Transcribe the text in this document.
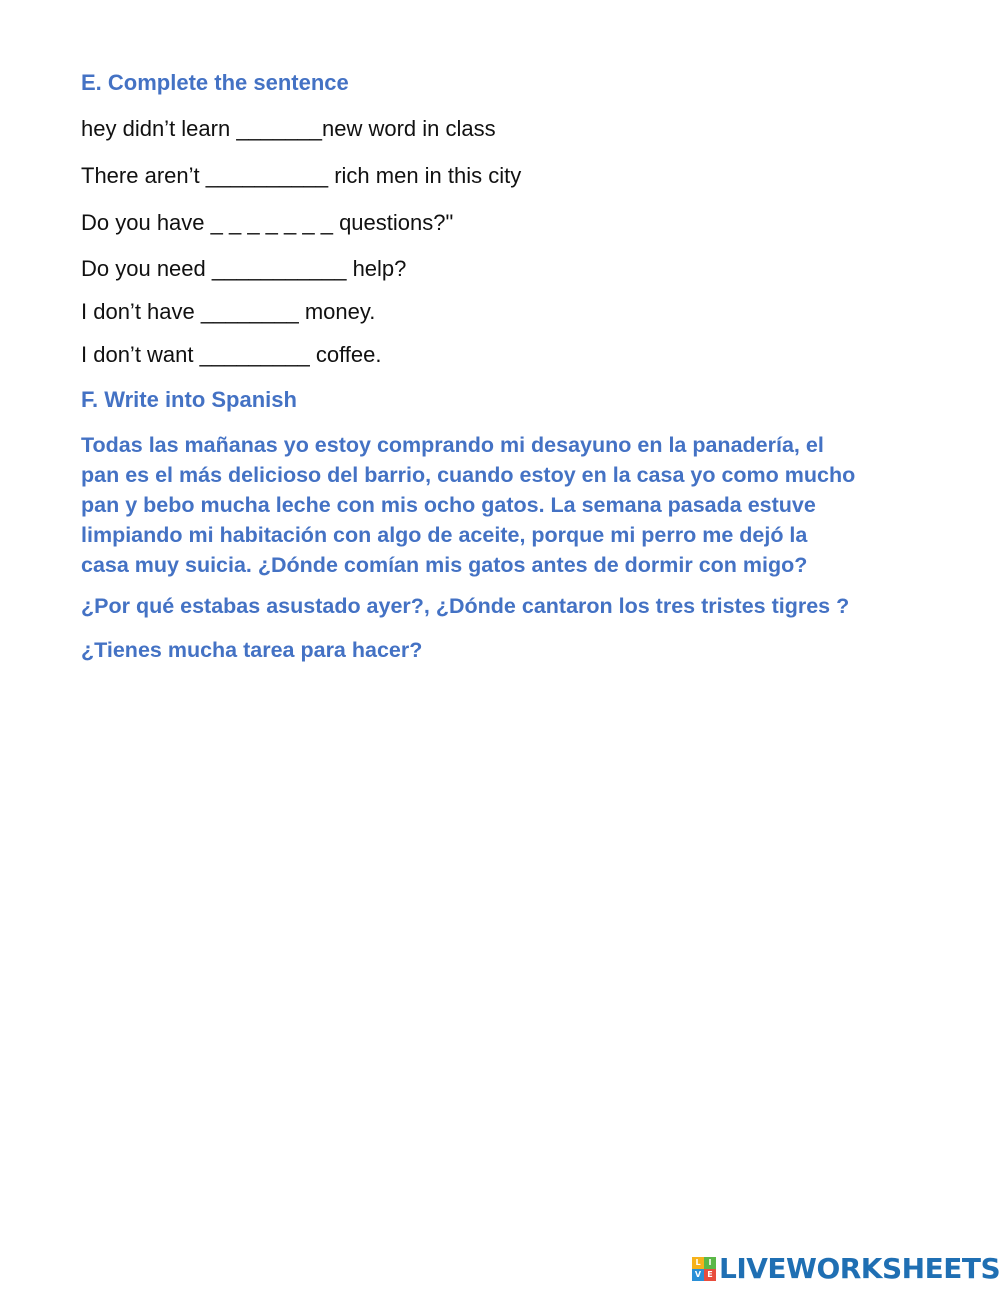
E. Complete the sentence

hey didn’t learn _______new word in class

There aren’t __________ rich men in this city

Do you have _ _ _ _ _ _ _ questions?"

Do you need ___________ help?

I don’t have ________ money.

I don’t want _________ coffee.

F. Write into Spanish

Todas las mañanas yo estoy comprando mi desayuno en la panadería, el
pan es el más delicioso del barrio, cuando estoy en la casa yo como mucho
pan y bebo mucha leche con mis ocho gatos. La semana pasada estuve
limpiando mi habitación con algo de aceite, porque mi perro me dejó la
casa muy suicia. ¿Dónde comían mis gatos antes de dormir con migo?

¿Por qué estabas asustado ayer?, ¿Dónde cantaron los tres tristes tigres ?

¿Tienes mucha tarea para hacer?

L I
V E LIVEWORKSHEETS
